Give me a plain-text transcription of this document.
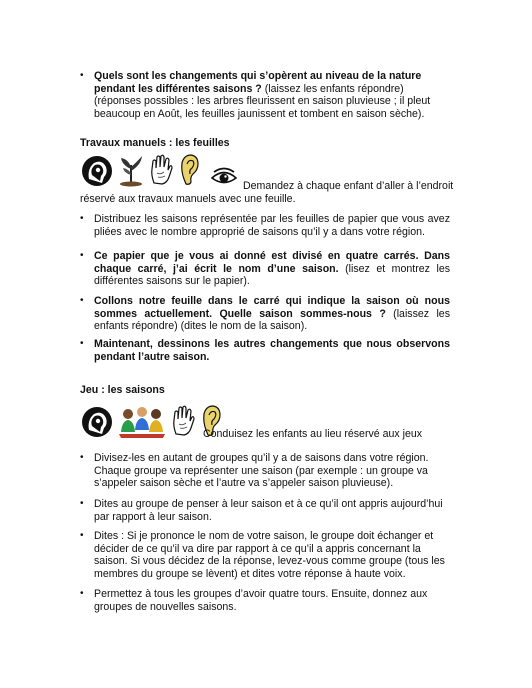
• Quels sont les changements qui s’opèrent au niveau de la nature pendant les différentes saisons ? (laissez les enfants répondre) (réponses possibles : les arbres fleurissent en saison pluvieuse ; il pleut beaucoup en Août, les feuilles jaunissent et tombent en saison sèche).
Travaux manuels : les feuilles
Demandez à chaque enfant d’aller à l’endroit
réservé aux travaux manuels avec une feuille.
• Distribuez les saisons représentée par les feuilles de papier que vous avez pliées avec le nombre approprié de saisons qu’il y a dans votre région.
• Ce papier que je vous ai donné est divisé en quatre carrés. Dans chaque carré, j’ai écrit le nom d’une saison. (lisez et montrez les différentes saisons sur le papier).
• Collons notre feuille dans le carré qui indique la saison où nous sommes actuellement. Quelle saison sommes-nous ? (laissez les enfants répondre) (dites le nom de la saison).
• Maintenant, dessinons les autres changements que nous observons pendant l’autre saison.
Jeu : les saisons
Conduisez les enfants au lieu réservé aux jeux
• Divisez-les en autant de groupes qu’il y a de saisons dans votre région. Chaque groupe va représenter une saison (par exemple : un groupe va s’appeler saison sèche et l’autre va s’appeler saison pluvieuse).
• Dites au groupe de penser à leur saison et à ce qu’il ont appris aujourd’hui par rapport à leur saison.
• Dites : Si je prononce le nom de votre saison, le groupe doit échanger et décider de ce qu’il va dire par rapport à ce qu’il a appris concernant la saison. Si vous décidez de la réponse, levez-vous comme groupe (tous les membres du groupe se lèvent) et dites votre réponse à haute voix.
• Permettez à tous les groupes d’avoir quatre tours. Ensuite, donnez aux groupes de nouvelles saisons.
